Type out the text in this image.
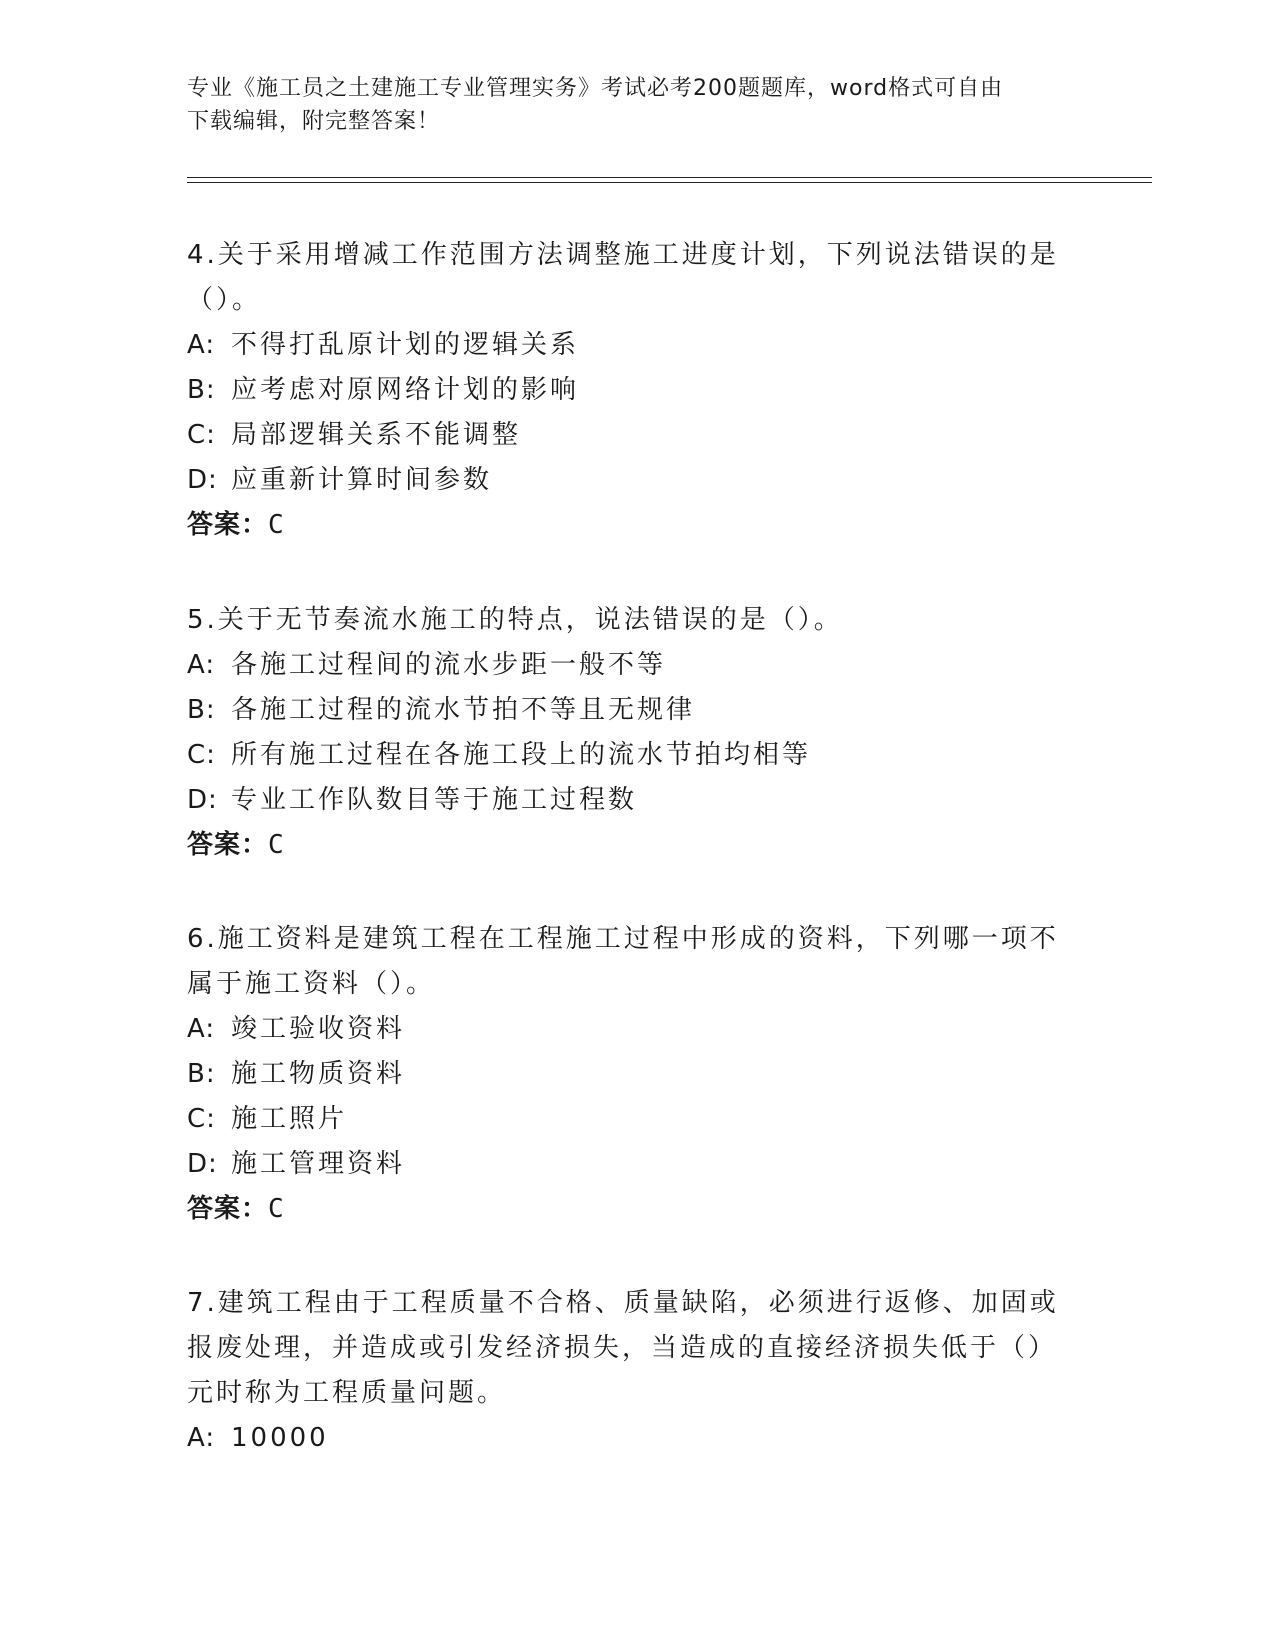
专业《施工员之土建施工专业管理实务》考试必考200题题库，word格式可自由
下载编辑，附完整答案！

4.关于采用增减工作范围方法调整施工进度计划，下列说法错误的是（）。

A: 不得打乱原计划的逻辑关系
B: 应考虑对原网络计划的影响
C: 局部逻辑关系不能调整
D: 应重新计算时间参数
答案：C

5.关于无节奏流水施工的特点，说法错误的是（）。

A: 各施工过程间的流水步距一般不等
B: 各施工过程的流水节拍不等且无规律
C: 所有施工过程在各施工段上的流水节拍均相等
D: 专业工作队数目等于施工过程数
答案：C

6.施工资料是建筑工程在工程施工过程中形成的资料，下列哪一项不属于施工资料（）。

A: 竣工验收资料
B: 施工物质资料
C: 施工照片
D: 施工管理资料
答案：C

7.建筑工程由于工程质量不合格、质量缺陷，必须进行返修、加固或报废处理，并造成或引发经济损失，当造成的直接经济损失低于（）元时称为工程质量问题。

A: 10000
